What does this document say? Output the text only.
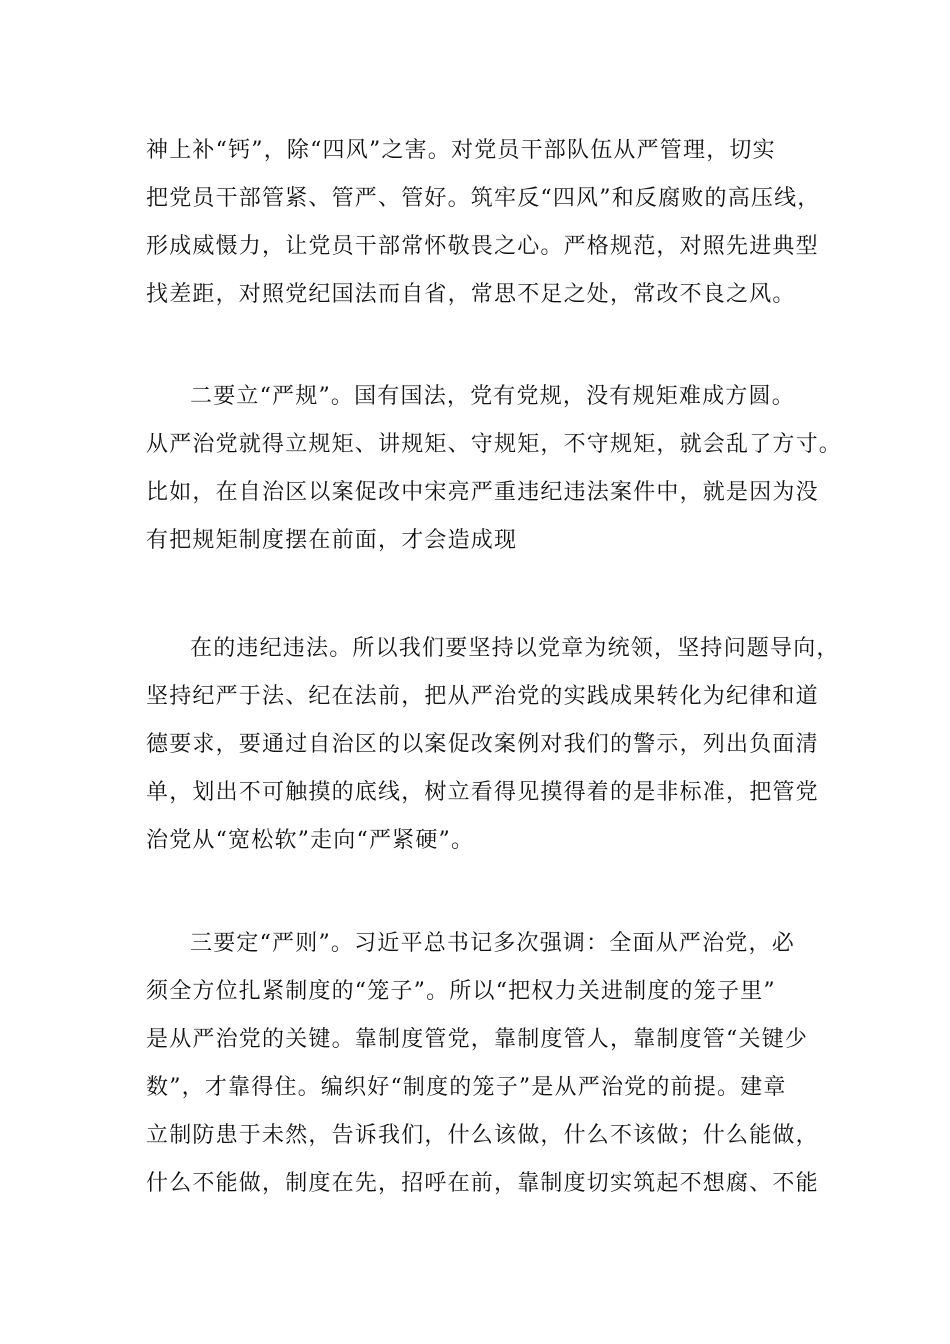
神上补“钙”，除“四风”之害。对党员干部队伍从严管理，切实
把党员干部管紧、管严、管好。筑牢反“四风”和反腐败的高压线，
形成威慑力，让党员干部常怀敬畏之心。严格规范，对照先进典型
找差距，对照党纪国法而自省，常思不足之处，常改不良之风。
二要立“严规”。国有国法，党有党规，没有规矩难成方圆。
从严治党就得立规矩、讲规矩、守规矩，不守规矩，就会乱了方寸。
比如，在自治区以案促改中宋亮严重违纪违法案件中，就是因为没
有把规矩制度摆在前面，才会造成现
在的违纪违法。所以我们要坚持以党章为统领，坚持问题导向，
坚持纪严于法、纪在法前，把从严治党的实践成果转化为纪律和道
德要求，要通过自治区的以案促改案例对我们的警示，列出负面清
单，划出不可触摸的底线，树立看得见摸得着的是非标准，把管党
治党从“宽松软”走向“严紧硬”。
三要定“严则”。习近平总书记多次强调：全面从严治党，必
须全方位扎紧制度的“笼子”。所以“把权力关进制度的笼子里”
是从严治党的关键。靠制度管党，靠制度管人，靠制度管“关键少
数”，才靠得住。编织好“制度的笼子”是从严治党的前提。建章
立制防患于未然，告诉我们，什么该做，什么不该做；什么能做，
什么不能做，制度在先，招呼在前，靠制度切实筑起不想腐、不能
